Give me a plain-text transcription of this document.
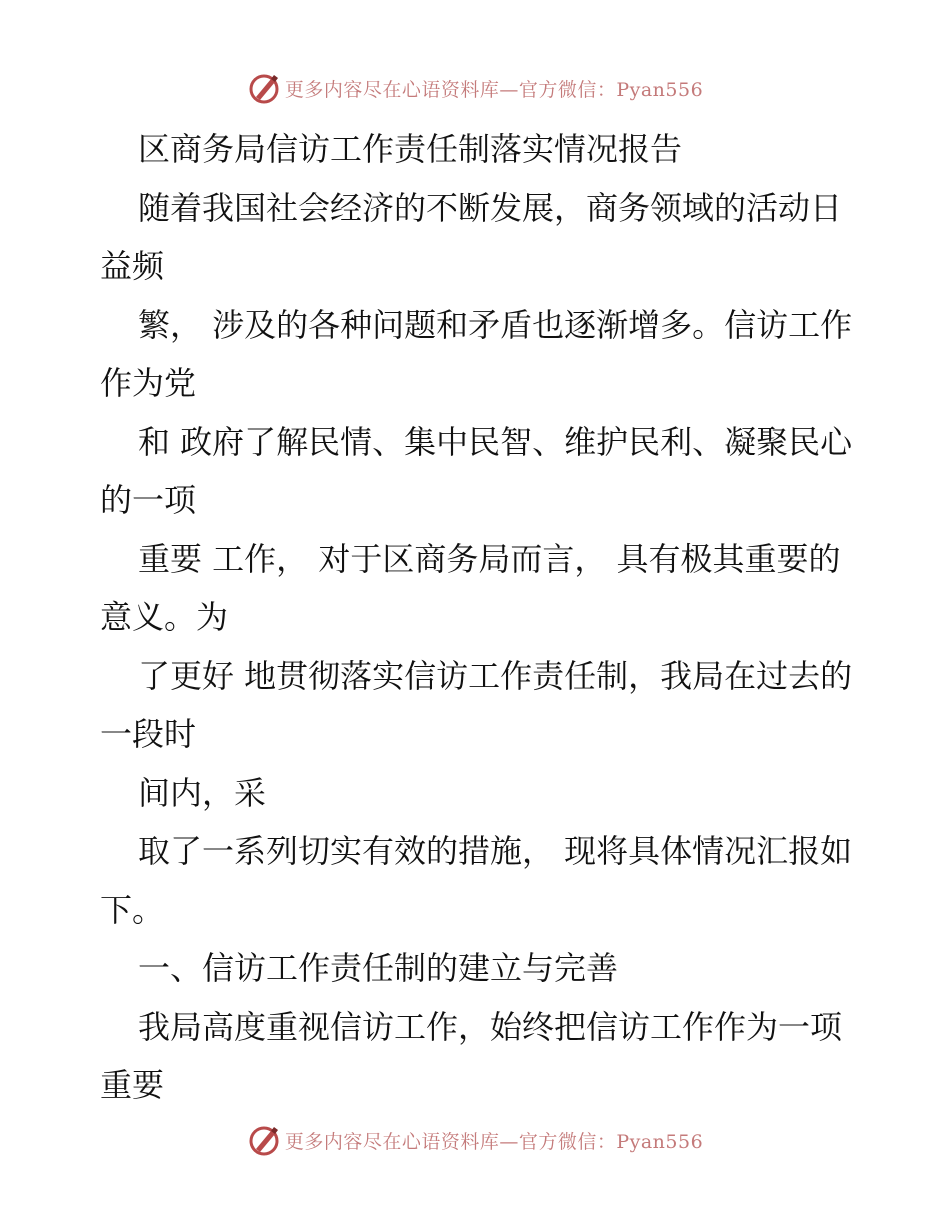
更多内容尽在心语资料库—官方微信：Pyan556

区商务局信访工作责任制落实情况报告

随着我国社会经济的不断发展，商务领域的活动日益频

繁， 涉及的各种问题和矛盾也逐渐增多。信访工作作为党

和 政府了解民情、集中民智、维护民利、凝聚民心的一项

重要 工作， 对于区商务局而言， 具有极其重要的意义。为

了更好 地贯彻落实信访工作责任制，我局在过去的一段时

间内，采

取了一系列切实有效的措施， 现将具体情况汇报如下。

一、信访工作责任制的建立与完善

我局高度重视信访工作，始终把信访工作作为一项重要

更多内容尽在心语资料库—官方微信：Pyan556
